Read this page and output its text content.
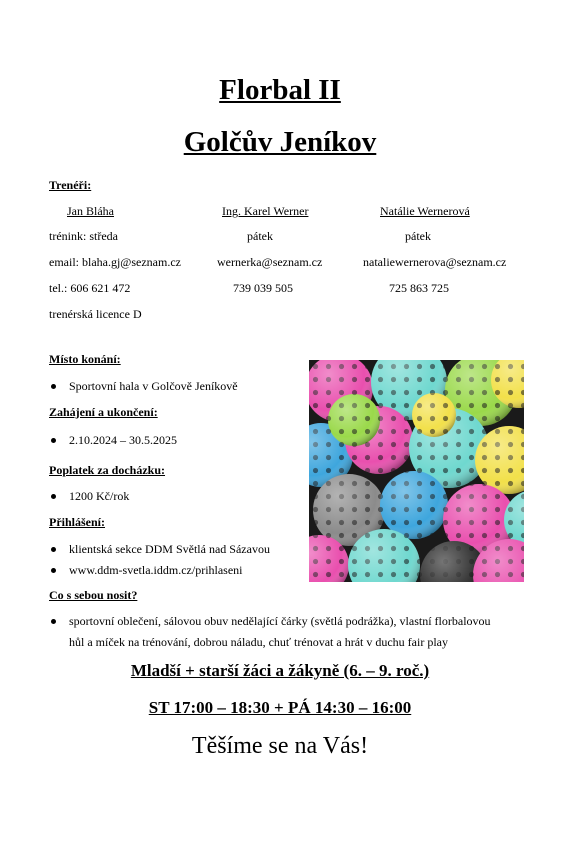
Florbal II
Golčův Jeníkov
Trenéři:
Jan Bláha	Ing. Karel Werner	Natálie Wernerová
trénink: středa	pátek	pátek
email: blaha.gj@seznam.cz	wernerka@seznam.cz	nataliewernerova@seznam.cz
tel.: 606 621 472	739 039 505	725 863 725
trenérská licence D
Místo konání:
Sportovní hala v Golčově Jeníkově
Zahájení a ukončení:
2.10.2024 – 30.5.2025
Poplatek za docházku:
1200 Kč/rok
Přihlášení:
klientská sekce DDM Světlá nad Sázavou
www.ddm-svetla.iddm.cz/prihlaseni
Co s sebou nosit?
sportovní oblečení, sálovou obuv nedělající čárky (světlá podrážka), vlastní florbalovou
hůl a míček na trénování, dobrou náladu, chuť trénovat a hrát v duchu fair play
Mladší + starší žáci a žákyně (6. – 9. roč.)
ST 17:00 – 18:30 + PÁ 14:30 – 16:00
Těšíme se na Vás!
